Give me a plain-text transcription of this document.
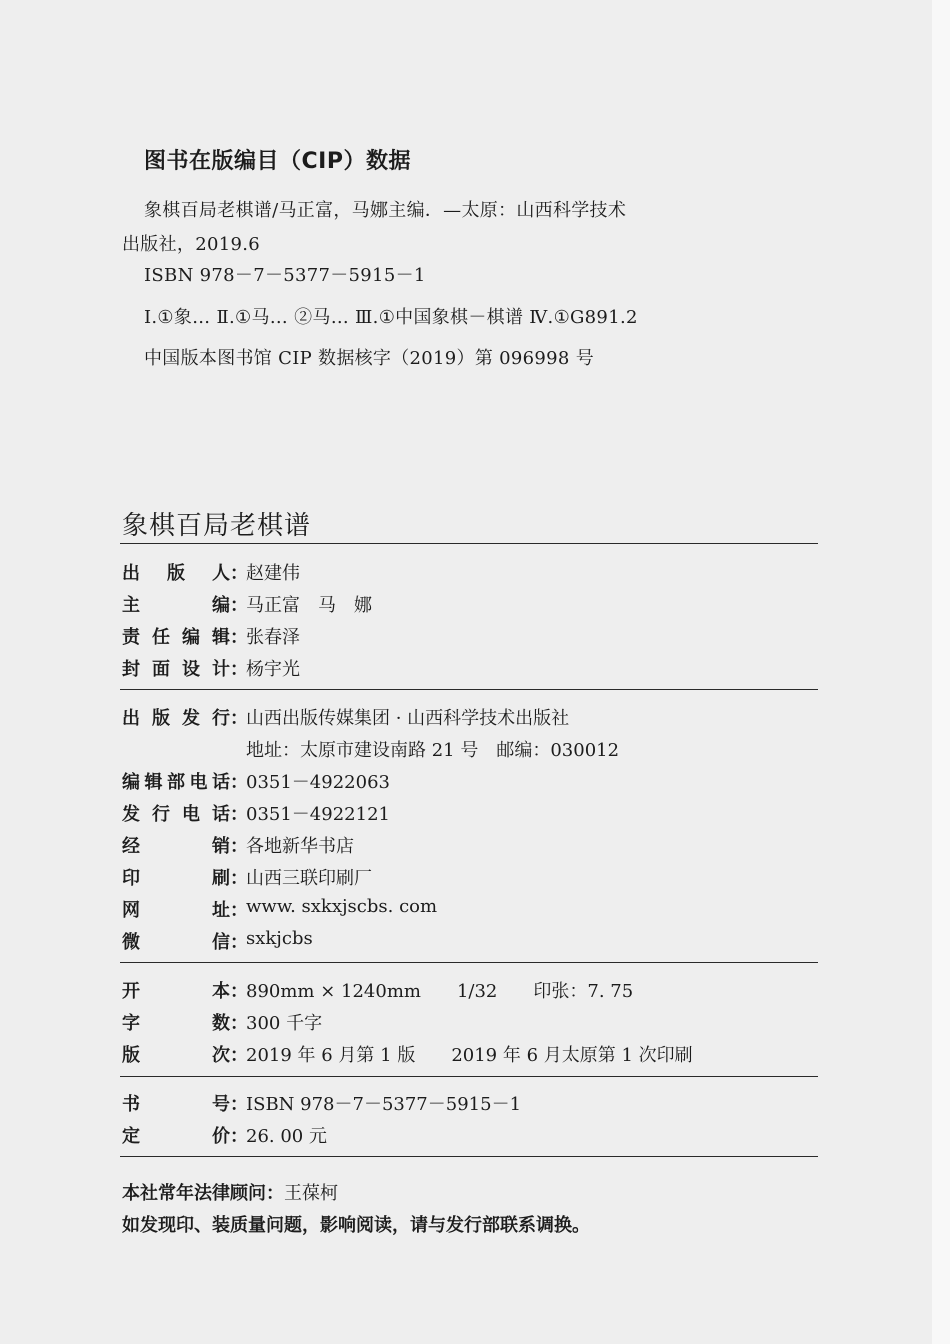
图书在版编目（CIP）数据
象棋百局老棋谱/马正富，马娜主编．—太原：山西科学技术
出版社，2019.6
ISBN 978－7－5377－5915－1
Ⅰ.①象… Ⅱ.①马… ②马… Ⅲ.①中国象棋－棋谱 Ⅳ.①G891.2
中国版本图书馆 CIP 数据核字（2019）第 096998 号
象棋百局老棋谱
出 版 人：
赵建伟
主	编：
马正富　马　娜
责 任 编 辑：
张春泽
封 面 设 计：
杨宇光
出 版 发 行：
山西出版传媒集团 · 山西科学技术出版社
地址：太原市建设南路 21 号　邮编：030012
编 辑 部 电 话：
0351－4922063
发 行 电 话：
0351－4922121
经	销：
各地新华书店
印	刷：
山西三联印刷厂
网	址：
www. sxkxjscbs. com
微	信：
sxkjcbs
开	本：
890mm × 1240mm　　1/32　　印张：7. 75
字	数：
300 千字
版	次：
2019 年 6 月第 1 版　　2019 年 6 月太原第 1 次印刷
书	号：
ISBN 978－7－5377－5915－1
定	价：
26. 00 元
本社常年法律顾问：王葆柯
如发现印、装质量问题，影响阅读，请与发行部联系调换。
